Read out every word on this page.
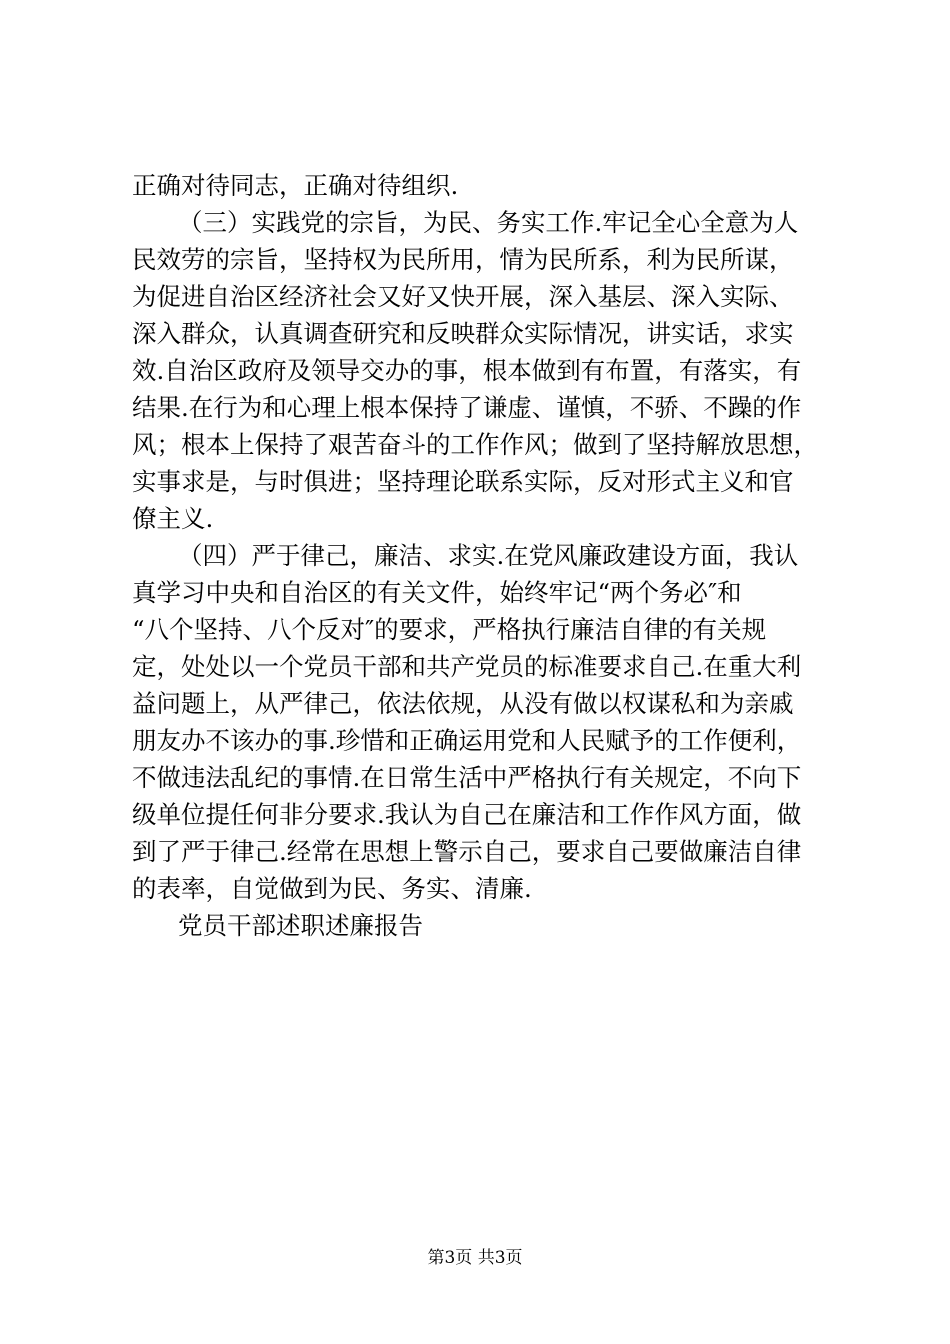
正确对待同志，正确对待组织.
（三）实践党的宗旨，为民、务实工作.牢记全心全意为人
民效劳的宗旨，坚持权为民所用，情为民所系，利为民所谋，
为促进自治区经济社会又好又快开展，深入基层、深入实际、
深入群众，认真调查研究和反映群众实际情况，讲实话，求实
效.自治区政府及领导交办的事，根本做到有布置，有落实，有
结果.在行为和心理上根本保持了谦虚、谨慎，不骄、不躁的作
风；根本上保持了艰苦奋斗的工作作风；做到了坚持解放思想，
实事求是，与时俱进；坚持理论联系实际，反对形式主义和官
僚主义.
（四）严于律己，廉洁、求实.在党风廉政建设方面，我认
真学习中央和自治区的有关文件，始终牢记“两个务必″和
“八个坚持、八个反对″的要求，严格执行廉洁自律的有关规
定，处处以一个党员干部和共产党员的标准要求自己.在重大利
益问题上，从严律己，依法依规，从没有做以权谋私和为亲戚
朋友办不该办的事.珍惜和正确运用党和人民赋予的工作便利，
不做违法乱纪的事情.在日常生活中严格执行有关规定，不向下
级单位提任何非分要求.我认为自己在廉洁和工作作风方面，做
到了严于律己.经常在思想上警示自己，要求自己要做廉洁自律
的表率，自觉做到为民、务实、清廉.
党员干部述职述廉报告
第3页 共3页
